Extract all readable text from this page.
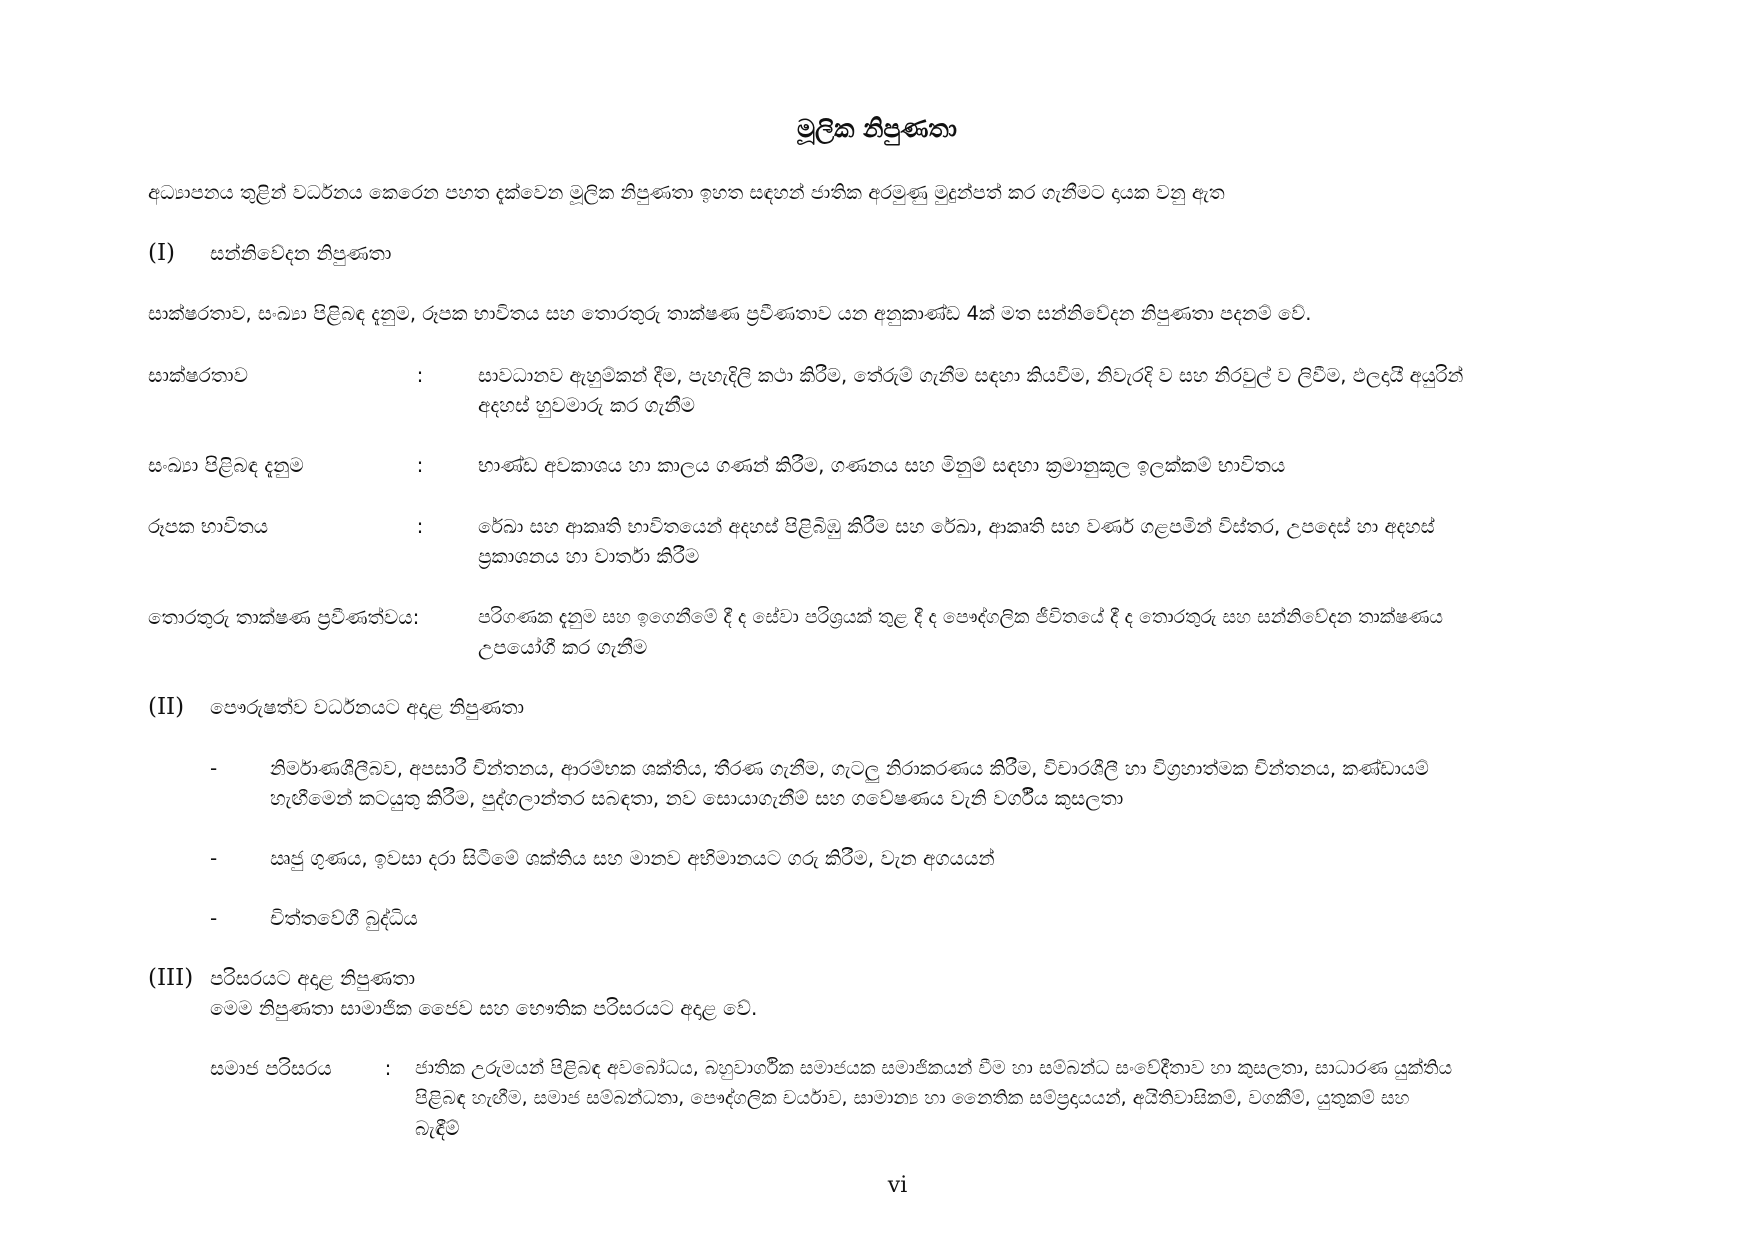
මූලික නිපුණතා
අධ්‍යාපනය තුළින් වර්ධනය කෙරෙන පහත දැක්වෙන මූලික නිපුණතා ඉහත සඳහන් ජාතික අරමුණු මුදුන්පත් කර ගැනීමට දායක වනු ඇත
(I) සන්නිවේදන නිපුණතා
සාක්ෂරතාව, සංඛ්‍යා පිළිබඳ දැනුම, රූපක භාවිතය සහ තොරතුරු තාක්ෂණ ප්‍රවීණතාව යන අනුකාණ්ඩ 4ක් මත සන්නිවේදන නිපුණතා පදනම් වේ.
සාක්ෂරතාව	:	සාවධානව ඇහුම්කන් දීම, පැහැදිලි කථා කිරීම, තේරුම් ගැනීම සඳහා කියවීම, නිවැරදි ව සහ නිරවුල් ව ලිවීම, ඵලදායී අයුරින්
අදහස් හුවමාරු කර ගැනීම
සංඛ්‍යා පිළිබඳ දැනුම	:	භාණ්ඩ අවකාශය හා කාලය ගණන් කිරීම, ගණනය සහ මිනුම් සඳහා ක්‍රමානුකූල ඉලක්කම් භාවිතය
රූපක භාවිතය	:	රේඛා සහ ආකෘති භාවිතයෙන් අදහස් පිළිබිඹු කිරීම සහ රේඛා, ආකෘති සහ වර්ණ ගළපමින් විස්තර, උපදෙස් හා අදහස්
ප්‍රකාශනය හා වාර්තා කිරීම
තොරතුරු තාක්ෂණ ප්‍රවීණත්වය:	පරිගණක දැනුම සහ ඉගෙනීමේ දී ද සේවා පරිශ්‍රයක් තුළ දී ද පෞද්ගලික ජීවිතයේ දී ද තොරතුරු සහ සන්නිවේදන තාක්ෂණය
උපයෝගී කර ගැනීම
(II) පෞරුෂත්ව වර්ධනයට අදාළ නිපුණතා
-	නිර්මාණශීලීබව, අපසාරී චින්තනය, ආරම්භක ශක්තිය, තීරණ ගැනීම, ගැටලු නිරාකරණය කිරීම, විචාරශීලී හා විග්‍රහාත්මක චින්තනය, කණ්ඩායම්
හැඟීමෙන් කටයුතු කිරීම, පුද්ගලාන්තර සබඳතා, නව සොයාගැනීම් සහ ගවේෂණය වැනි වර්ගීය කුසලතා
-	ඍජු ගුණය, ඉවසා දරා සිටීමේ ශක්තිය සහ මානව අභිමානයට ගරු කිරීම, වැන අගයයන්
-	චිත්තවේගී බුද්ධිය
(III) පරිසරයට අදාළ නිපුණතා
මෙම නිපුණතා සාමාජික ජෛව සහ භෞතික පරිසරයට අදාළ වේ.
සමාජ පරිසරය	:	ජාතික උරුමයන් පිළිබඳ අවබෝධය, බහුවාර්ගික සමාජයක සමාජිකයන් වීම හා සම්බන්ධ සංවේදීතාව හා කුසලතා, සාධාරණ යුක්තිය
පිළිබඳ හැඟීම, සමාජ සම්බන්ධතා, පෞද්ගලික චර්යාව, සාමාන්‍ය හා නෛතික සම්ප්‍රදායයන්, අයිතිවාසිකම්, වගකීම්, යුතුකම් සහ
බැඳීම්
vi
